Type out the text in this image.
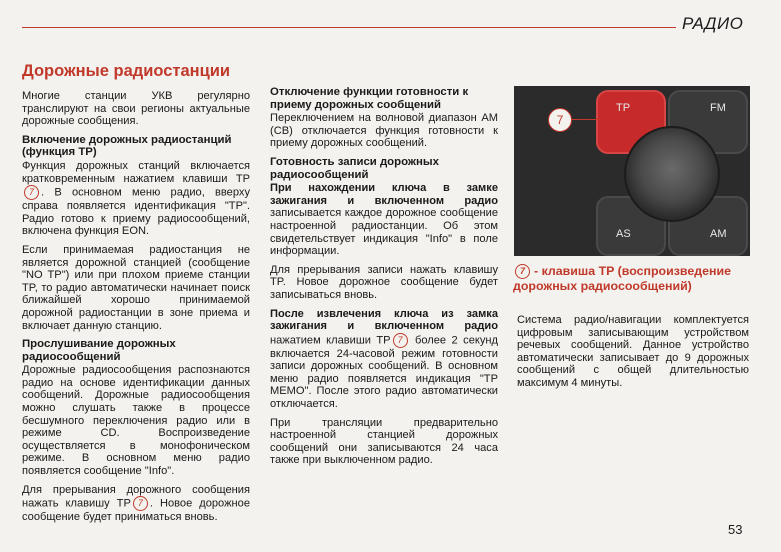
РАДИО
Дорожные радиостанции

Многие станции УКВ регулярно транслируют на свои регионы актуальные дорожные сообщения.

Включение дорожных радиостанций (функция TP)

Функция дорожных станций включается кратковременным нажатием клавиши TP7 . В основном меню радио, вверху справа появляется идентификация "TP". Радио готово к приему радиосообщений, включена функция EON.

Если принимаемая радиостанция не является дорожной станцией (сообщение "NO TP") или при плохом приеме станции TP, то радио автоматически начинает поиск ближайшей хорошо принимаемой дорожной радиостанции в зоне приема и включает данную станцию.

Прослушивание дорожных радиосообщений

Дорожные радиосообщения распознаются радио на основе идентификации данных сообщений. Дорожные радиосообщения можно слушать также в процессе бесшумного переключения радио или в режиме CD. Воспроизведение осуществляется в монофоническом режиме. В основном меню радио появляется сообщение "Info".

Для прерывания дорожного сообщения нажать клавишу TP 7 . Новое дорожное сообщение будет приниматься вновь.

Отключение функции готовности к приему дорожных сообщений

Переключением на волновой диапазон AM (CB) отключается функция готовности к приему дорожных сообщений.

Готовность записи дорожных радиосообщений

При нахождении ключа в замке зажигания и включенном радио записывается каждое дорожное сообщение настроенной радиостанции. Об этом свидетельствует индикация "Info" в поле информации.

Для прерывания записи нажать клавишу TP. Новое дорожное сообщение будет записываться вновь.

После извлечения ключа из замка зажигания и включенном радио нажатием клавиши TP 7 более 2 секунд включается 24-часовой режим готовности записи дорожных сообщений. В основном меню радио появляется индикация "TP MEMO". После этого радио автоматически отключается.

При трансляции предварительно настроенной станцией дорожных сообщений они записываются 24 часа также при выключенном радио.

TP	FM
AS	AM
7
7 - клавиша TP (воспроизведение дорожных радиосообщений)

Система радио/навигации комплектуется цифровым записывающим устройством речевых сообщений. Данное устройство автоматически записывает до 9 дорожных сообщений с общей длительностью максимум 4 минуты.

53
